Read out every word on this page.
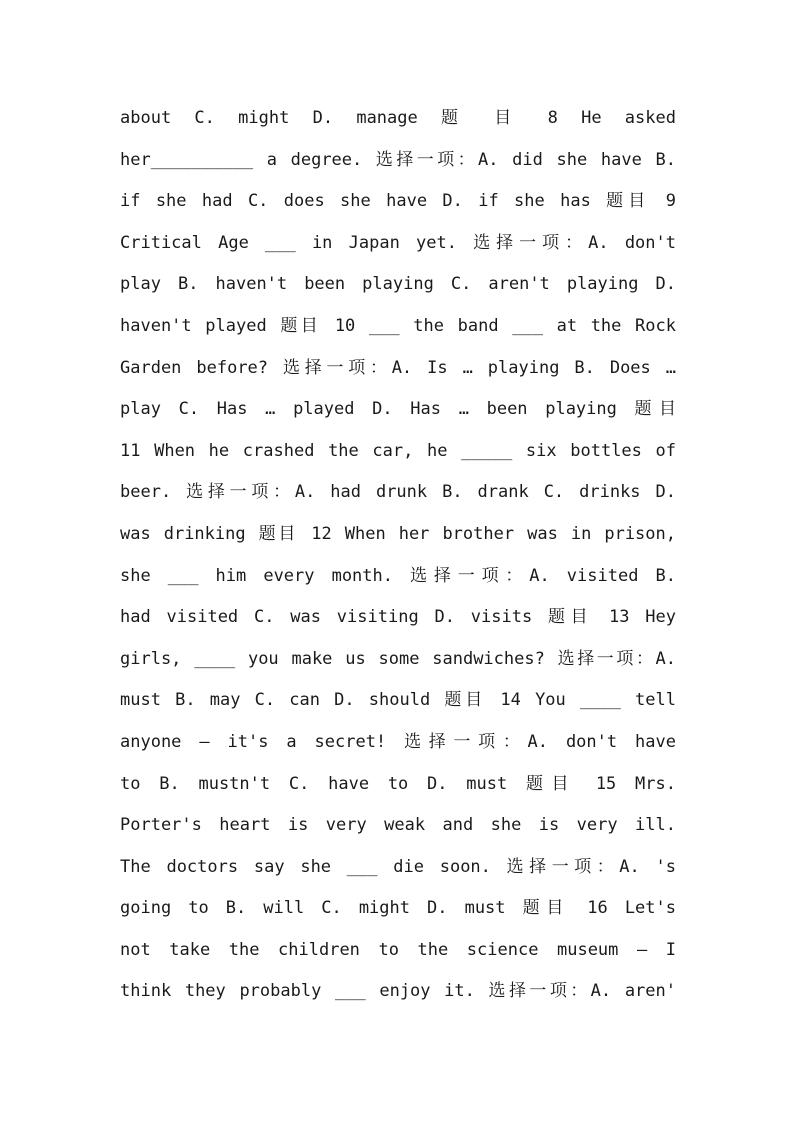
about C. might D. manage 题 目 8 He asked
her__________ a degree. 选择一项：A. did she have B.
if she had C. does she have D. if she has 题目 9
Critical Age ___ in Japan yet. 选择一项：A. don't
play B. haven't been playing C. aren't playing D.
haven't played 题目 10 ___ the band ___ at the Rock
Garden before? 选择一项：A. Is … playing B. Does …
play C. Has … played D. Has … been playing 题目
11 When he crashed the car, he _____ six bottles of
beer. 选择一项：A. had drunk B. drank C. drinks D.
was drinking 题目 12 When her brother was in prison,
she ___ him every month. 选择一项：A. visited B.
had visited C. was visiting D. visits 题目 13 Hey
girls, ____ you make us some sandwiches? 选择一项：A.
must B. may C. can D. should 题目 14 You ____ tell
anyone – it's a secret! 选择一项：A. don't have
to B. mustn't C. have to D. must 题目 15 Mrs.
Porter's heart is very weak and she is very ill.
The doctors say she ___ die soon. 选择一项：A. 's
going to B. will C. might D. must 题目 16 Let's
not take the children to the science museum – I
think they probably ___ enjoy it. 选择一项：A. aren'
